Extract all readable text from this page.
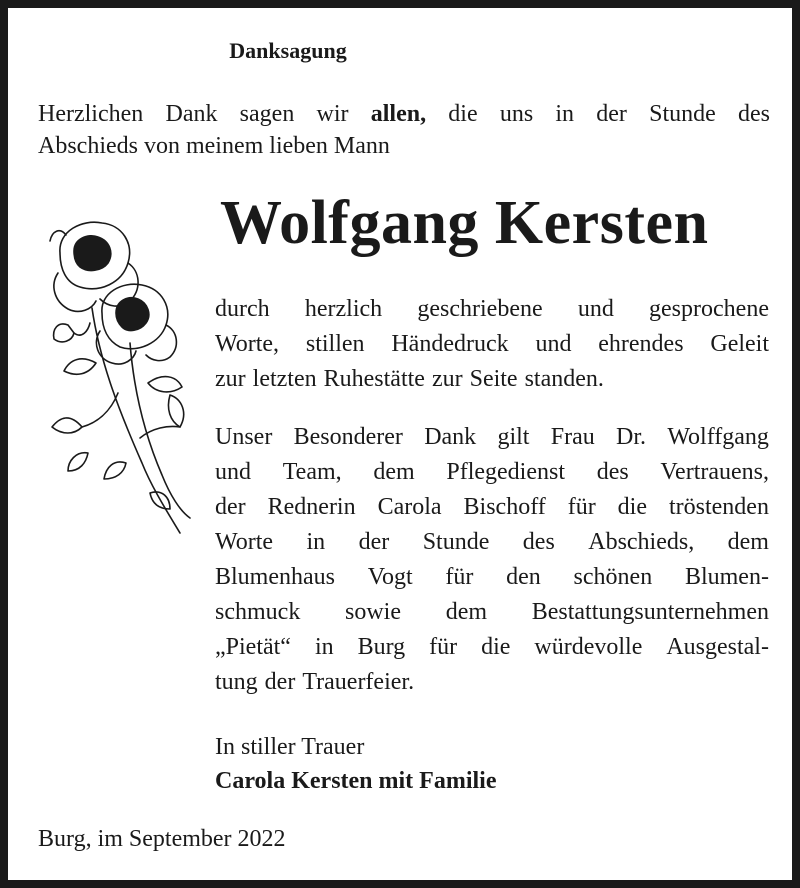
Danksagung
Herzlichen Dank sagen wir allen, die uns in der Stunde des
Abschieds von meinem lieben Mann
Wolfgang Kersten
durch herzlich geschriebene und gesprochene
Worte, stillen Händedruck und ehrendes Geleit
zur letzten Ruhestätte zur Seite standen.
Unser Besonderer Dank gilt Frau Dr. Wolffgang
und Team, dem Pflegedienst des Vertrauens,
der Rednerin Carola Bischoff für die tröstenden
Worte in der Stunde des Abschieds, dem
Blumenhaus Vogt für den schönen Blumen-
schmuck sowie dem Bestattungsunternehmen
„Pietät“ in Burg für die würdevolle Ausgestal-
tung der Trauerfeier.
In stiller Trauer
Carola Kersten mit Familie
Burg, im September 2022
